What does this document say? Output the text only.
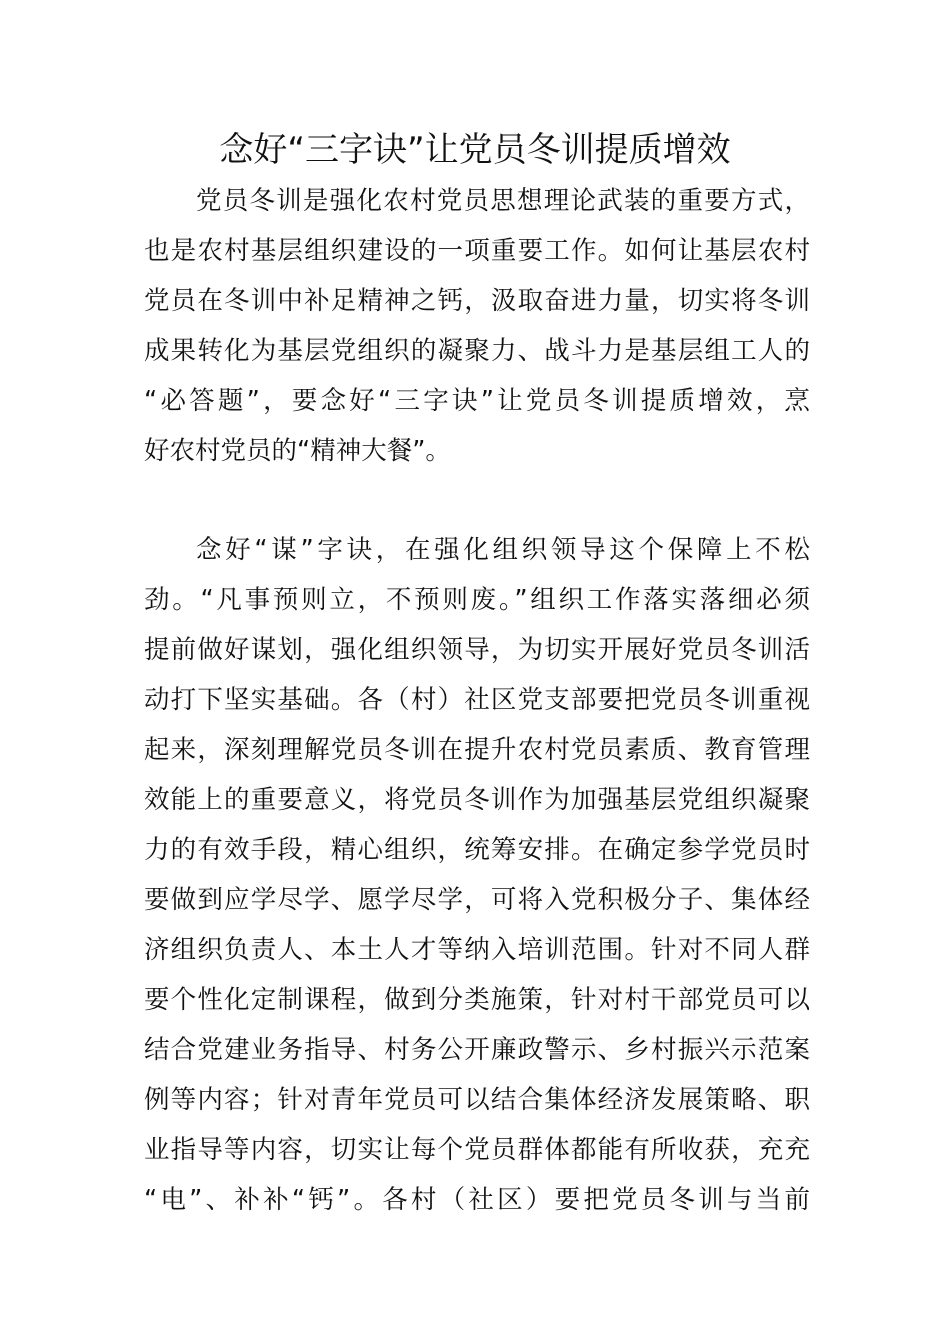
念好“三字诀”让党员冬训提质增效
党员冬训是强化农村党员思想理论武装的重要方式，
也是农村基层组织建设的一项重要工作。如何让基层农村
党员在冬训中补足精神之钙，汲取奋进力量，切实将冬训
成果转化为基层党组织的凝聚力、战斗力是基层组工人的
“必答题”，要念好“三字诀”让党员冬训提质增效，烹
好农村党员的“精神大餐”。
念好“谋”字诀，在强化组织领导这个保障上不松
劲。“凡事预则立，不预则废。”组织工作落实落细必须
提前做好谋划，强化组织领导，为切实开展好党员冬训活
动打下坚实基础。各（村）社区党支部要把党员冬训重视
起来，深刻理解党员冬训在提升农村党员素质、教育管理
效能上的重要意义，将党员冬训作为加强基层党组织凝聚
力的有效手段，精心组织，统筹安排。在确定参学党员时
要做到应学尽学、愿学尽学，可将入党积极分子、集体经
济组织负责人、本土人才等纳入培训范围。针对不同人群
要个性化定制课程，做到分类施策，针对村干部党员可以
结合党建业务指导、村务公开廉政警示、乡村振兴示范案
例等内容；针对青年党员可以结合集体经济发展策略、职
业指导等内容，切实让每个党员群体都能有所收获，充充
“电”、补补“钙”。各村（社区）要把党员冬训与当前
